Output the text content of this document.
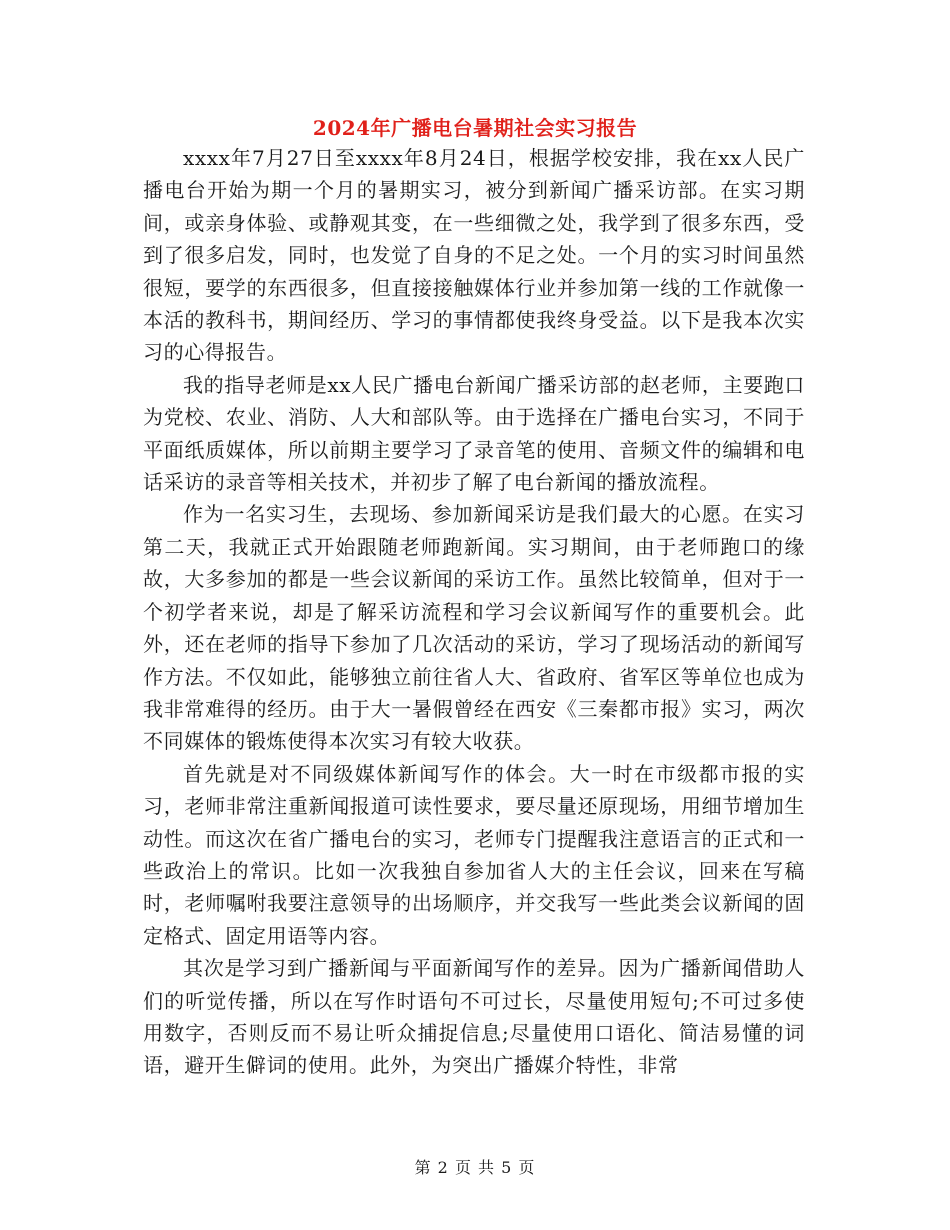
2024年广播电台暑期社会实习报告

xxxx年7月27日至xxxx年8月24日，根据学校安排，我在xx人民广播电台开始为期一个月的暑期实习，被分到新闻广播采访部。在实习期间，或亲身体验、或静观其变，在一些细微之处，我学到了很多东西，受到了很多启发，同时，也发觉了自身的不足之处。一个月的实习时间虽然很短，要学的东西很多，但直接接触媒体行业并参加第一线的工作就像一本活的教科书，期间经历、学习的事情都使我终身受益。以下是我本次实习的心得报告。

我的指导老师是xx人民广播电台新闻广播采访部的赵老师，主要跑口为党校、农业、消防、人大和部队等。由于选择在广播电台实习，不同于平面纸质媒体，所以前期主要学习了录音笔的使用、音频文件的编辑和电话采访的录音等相关技术，并初步了解了电台新闻的播放流程。

作为一名实习生，去现场、参加新闻采访是我们最大的心愿。在实习第二天，我就正式开始跟随老师跑新闻。实习期间，由于老师跑口的缘故，大多参加的都是一些会议新闻的采访工作。虽然比较简单，但对于一个初学者来说，却是了解采访流程和学习会议新闻写作的重要机会。此外，还在老师的指导下参加了几次活动的采访，学习了现场活动的新闻写作方法。不仅如此，能够独立前往省人大、省政府、省军区等单位也成为我非常难得的经历。由于大一暑假曾经在西安《三秦都市报》实习，两次不同媒体的锻炼使得本次实习有较大收获。

首先就是对不同级媒体新闻写作的体会。大一时在市级都市报的实习，老师非常注重新闻报道可读性要求，要尽量还原现场，用细节增加生动性。而这次在省广播电台的实习，老师专门提醒我注意语言的正式和一些政治上的常识。比如一次我独自参加省人大的主任会议，回来在写稿时，老师嘱咐我要注意领导的出场顺序，并交我写一些此类会议新闻的固定格式、固定用语等内容。

其次是学习到广播新闻与平面新闻写作的差异。因为广播新闻借助人们的听觉传播，所以在写作时语句不可过长，尽量使用短句;不可过多使用数字，否则反而不易让听众捕捉信息;尽量使用口语化、简洁易懂的词语，避开生僻词的使用。此外，为突出广播媒介特性，非常

第 2 页 共 5 页
